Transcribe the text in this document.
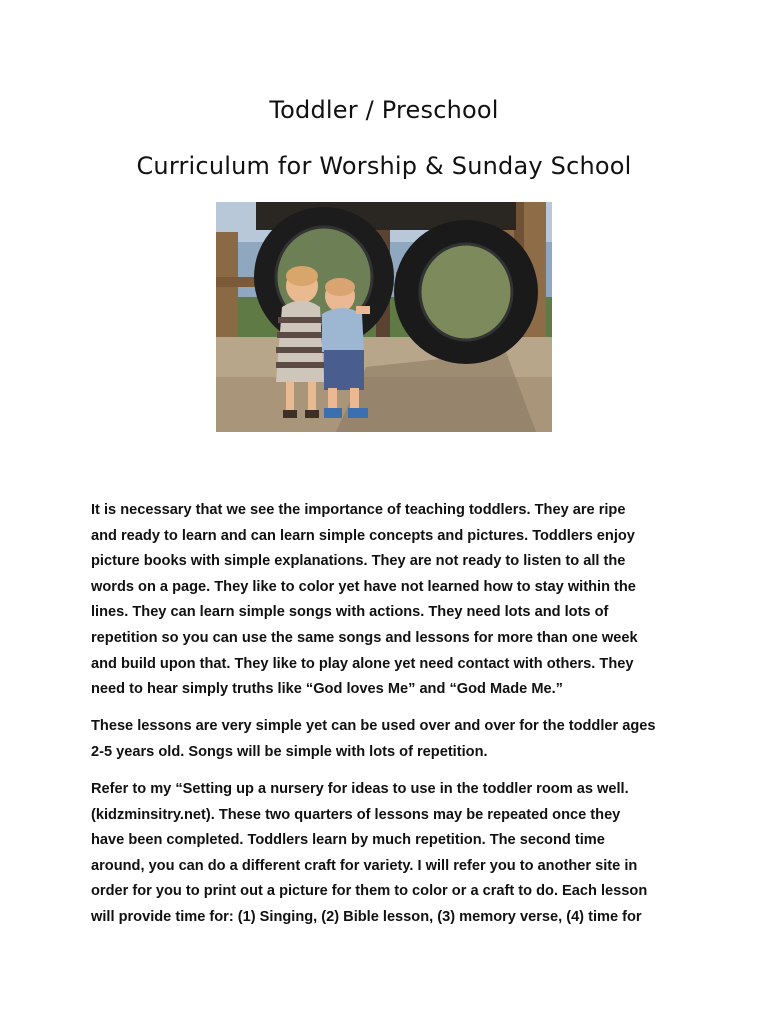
Toddler / Preschool
Curriculum for Worship & Sunday School

It is necessary that we see the importance of teaching toddlers. They are ripe
and ready to learn and can learn simple concepts and pictures. Toddlers enjoy
picture books with simple explanations. They are not ready to listen to all the
words on a page. They like to color yet have not learned how to stay within the
lines. They can learn simple songs with actions. They need lots and lots of
repetition so you can use the same songs and lessons for more than one week
and build upon that. They like to play alone yet need contact with others. They
need to hear simply truths like “God loves Me” and “God Made Me.”

These lessons are very simple yet can be used over and over for the toddler ages
2-5 years old. Songs will be simple with lots of repetition.

Refer to my “Setting up a nursery for ideas to use in the toddler room as well.
(kidzminsitry.net). These two quarters of lessons may be repeated once they
have been completed. Toddlers learn by much repetition. The second time
around, you can do a different craft for variety. I will refer you to another site in
order for you to print out a picture for them to color or a craft to do. Each lesson
will provide time for: (1) Singing, (2) Bible lesson, (3) memory verse, (4) time for
